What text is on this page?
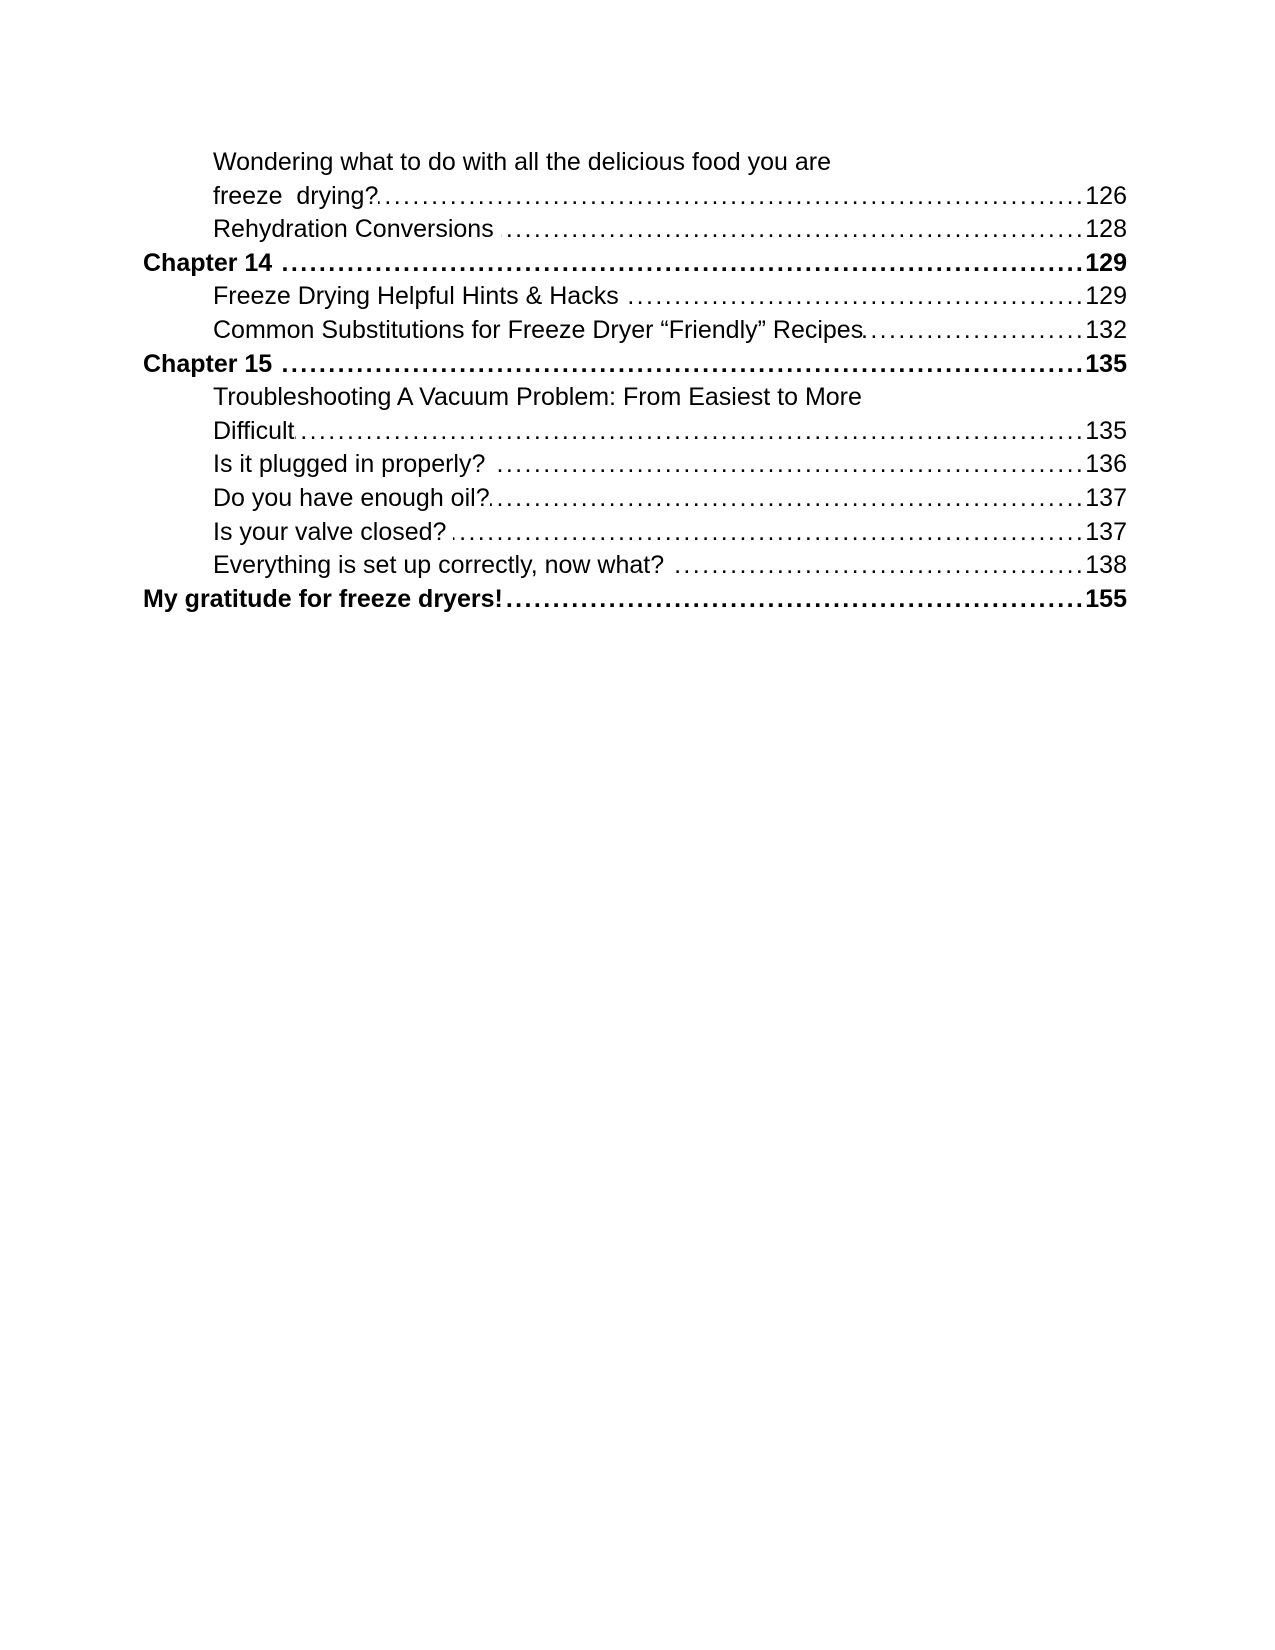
Wondering what to do with all the delicious food you are
freeze  drying? .....	126
Rehydration Conversions .....	128
Chapter 14 .....	129
Freeze Drying Helpful Hints & Hacks .....	129
Common Substitutions for Freeze Dryer “Friendly” Recipes .....	132
Chapter 15 .....	135
Troubleshooting A Vacuum Problem: From Easiest to More
Difficult .....	135
Is it plugged in properly? .....	136
Do you have enough oil? .....	137
Is your valve closed? .....	137
Everything is set up correctly, now what? .....	138
My gratitude for freeze dryers! .....	155
